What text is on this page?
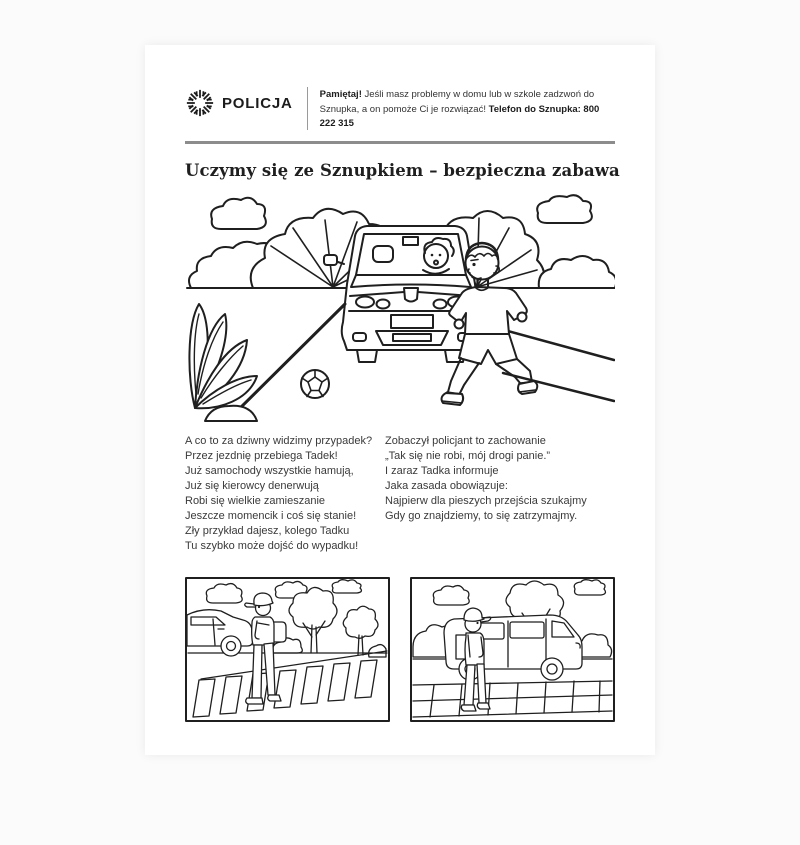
POLICJA	Pamiętaj! Jeśli masz problemy w domu lub w szkole zadzwoń do Sznupka, a on pomoże Ci je rozwiązać! Telefon do Sznupka: 800 222 315

Uczymy się ze Sznupkiem – bezpieczna zabawa
A co to za dziwny widzimy przypadek?
Przez jezdnię przebiega Tadek!
Już samochody wszystkie hamują,
Już się kierowcy denerwują
Robi się wielkie zamieszanie
Jeszcze momencik i coś się stanie!
Zły przykład dajesz, kolego Tadku
Tu szybko może dojść do wypadku!
Zobaczył policjant to zachowanie
„Tak się nie robi, mój drogi panie.”
I zaraz Tadka informuje
Jaka zasada obowiązuje:
Najpierw dla pieszych przejścia szukajmy
Gdy go znajdziemy, to się zatrzymajmy.
